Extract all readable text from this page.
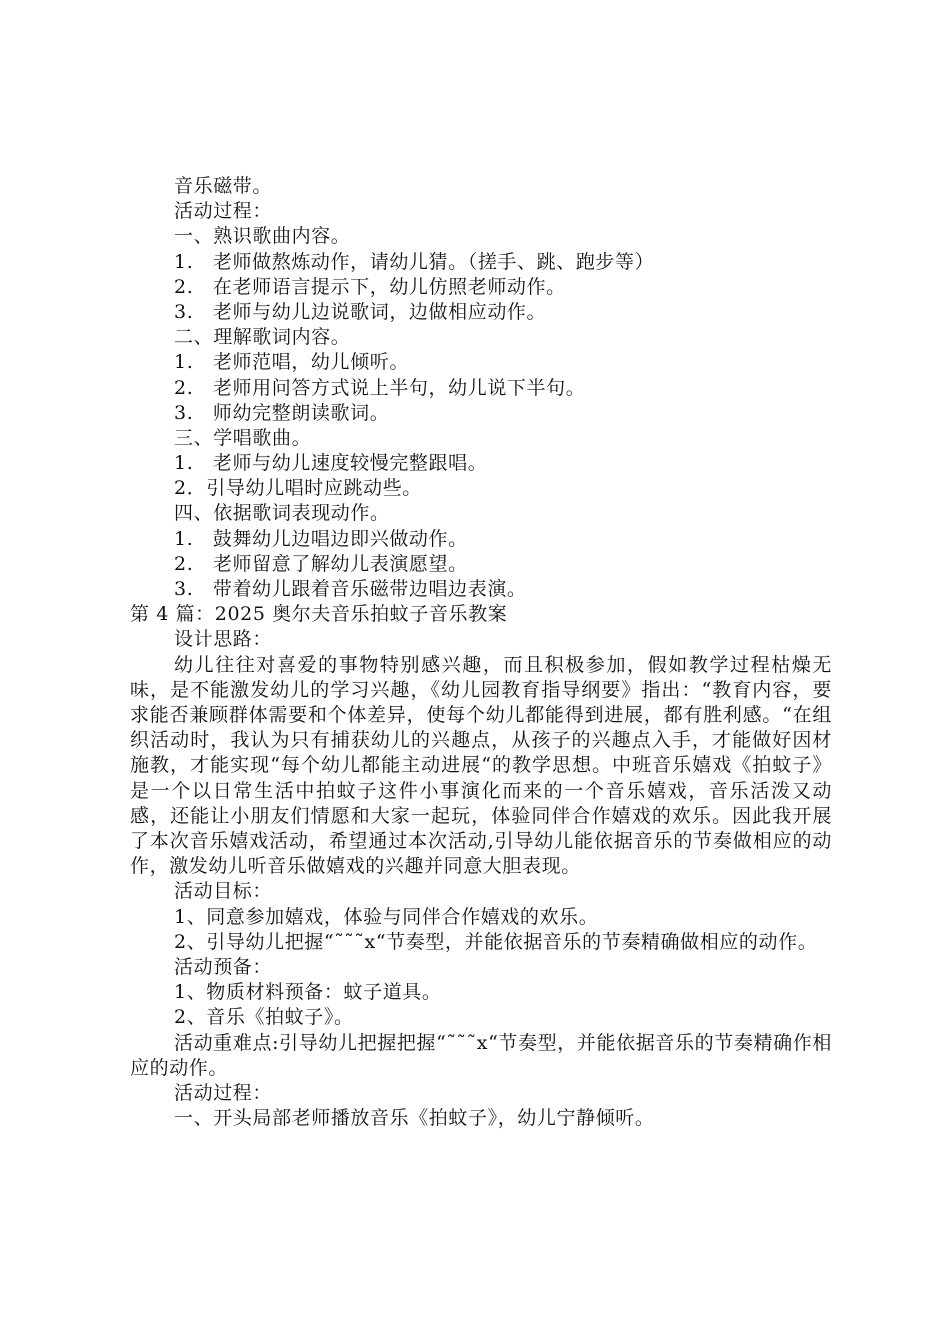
音乐磁带。
活动过程：
一、熟识歌曲内容。
1.　老师做熬炼动作，请幼儿猜。（搓手、跳、跑步等）
2.　在老师语言提示下，幼儿仿照老师动作。
3.　老师与幼儿边说歌词，边做相应动作。
二、理解歌词内容。
1.　老师范唱，幼儿倾听。
2.　老师用问答方式说上半句，幼儿说下半句。
3.　师幼完整朗读歌词。
三、学唱歌曲。
1.　老师与幼儿速度较慢完整跟唱。
2．引导幼儿唱时应跳动些。
四、依据歌词表现动作。
1.　鼓舞幼儿边唱边即兴做动作。
2.　老师留意了解幼儿表演愿望。
3.　带着幼儿跟着音乐磁带边唱边表演。
第 4 篇：2025 奥尔夫音乐拍蚊子音乐教案
设计思路：

幼儿往往对喜爱的事物特别感兴趣，而且积极参加，假如教学过程枯燥无味，是不能激发幼儿的学习兴趣，《幼儿园教育指导纲要》指出：“教育内容，要求能否兼顾群体需要和个体差异，使每个幼儿都能得到进展，都有胜利感。“在组织活动时，我认为只有捕获幼儿的兴趣点，从孩子的兴趣点入手，才能做好因材施教，才能实现“每个幼儿都能主动进展“的教学思想。中班音乐嬉戏《拍蚊子》是一个以日常生活中拍蚊子这件小事演化而来的一个音乐嬉戏，音乐活泼又动感，还能让小朋友们情愿和大家一起玩，体验同伴合作嬉戏的欢乐。因此我开展了本次音乐嬉戏活动，希望通过本次活动,引导幼儿能依据音乐的节奏做相应的动作，激发幼儿听音乐做嬉戏的兴趣并同意大胆表现。

活动目标：
1、同意参加嬉戏，体验与同伴合作嬉戏的欢乐。

2、引导幼儿把握“˜˜˜x“节奏型，并能依据音乐的节奏精确做相应的动作。

活动预备：
1、物质材料预备：蚊子道具。
2、音乐《拍蚊子》。

活动重难点:引导幼儿把握把握“˜˜˜x“节奏型，并能依据音乐的节奏精确作相应的动作。

活动过程：
一、开头局部老师播放音乐《拍蚊子》，幼儿宁静倾听。
